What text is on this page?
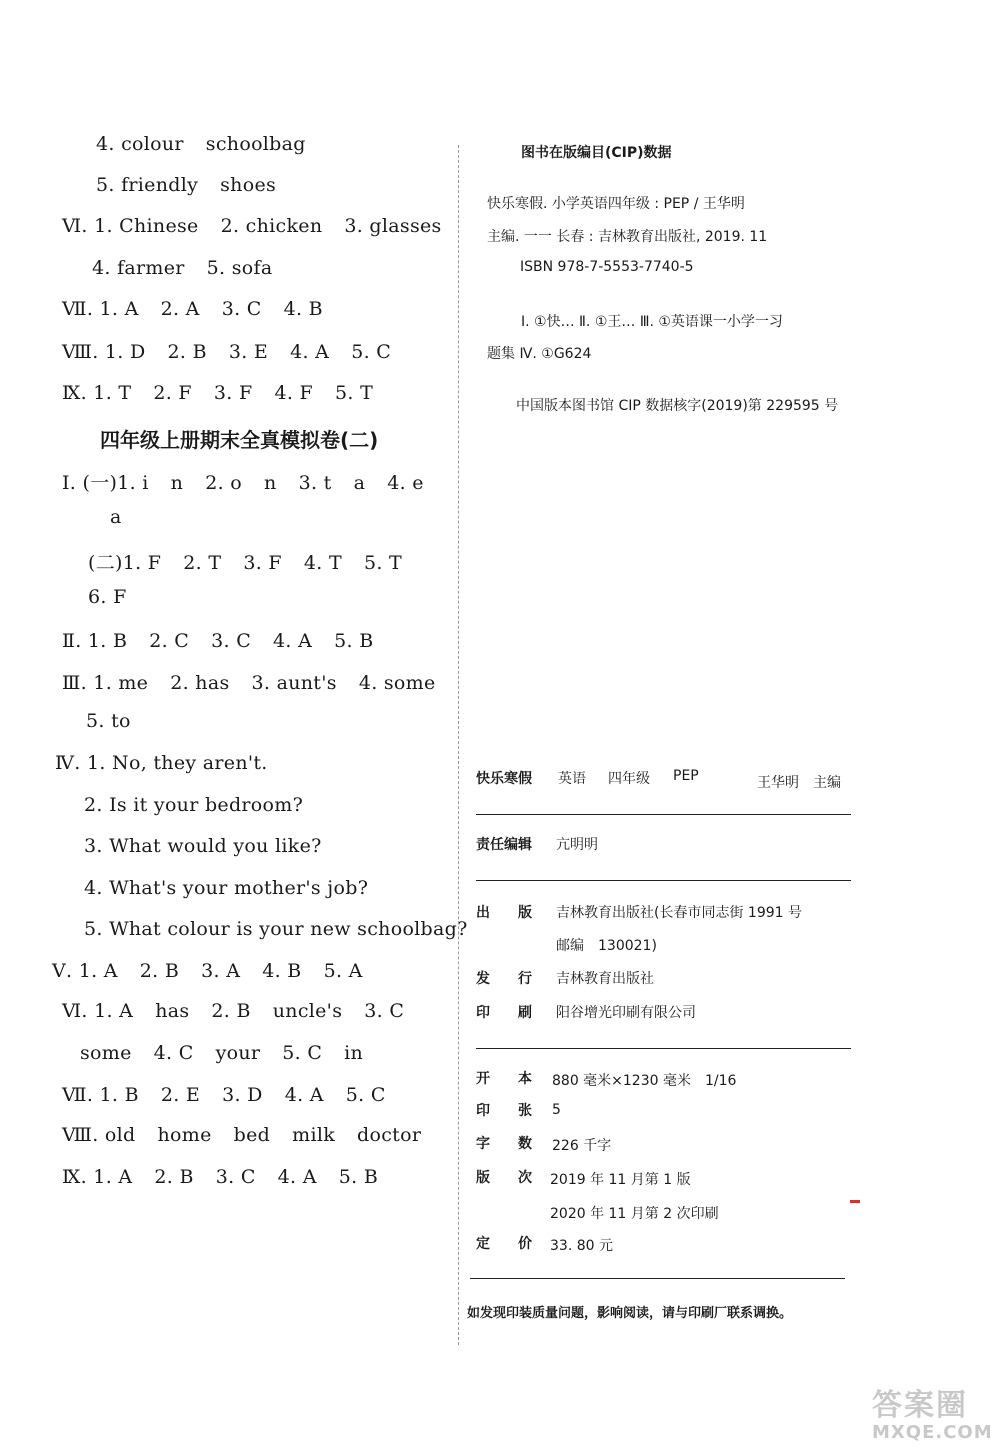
4. colour schoolbag
5. friendly shoes
Ⅵ. 1. Chinese 2. chicken 3. glasses
4. farmer 5. sofa
Ⅶ. 1. A 2. A 3. C 4. B
Ⅷ. 1. D 2. B 3. E 4. A 5. C
Ⅸ. 1. T 2. F 3. F 4. F 5. T
Ⅰ. (一)1. i n 2. o n 3. t a 4. e
a
(二)1. F 2. T 3. F 4. T 5. T
6. F
Ⅱ. 1. B 2. C 3. C 4. A 5. B
Ⅲ. 1. me 2. has 3. aunt's 4. some
5. to
Ⅳ. 1. No, they aren't.
2. Is it your bedroom?
3. What would you like?
4. What's your mother's job?
5. What colour is your new schoolbag?
Ⅴ. 1. A 2. B 3. A 4. B 5. A
Ⅵ. 1. A has 2. B uncle's 3. C
some 4. C your 5. C in
Ⅶ. 1. B 2. E 3. D 4. A 5. C
Ⅷ. old home bed milk doctor
Ⅸ. 1. A 2. B 3. C 4. A 5. B
四年级上册期末全真模拟卷(二)
图书在版编目(CIP)数据
快乐寒假. 小学英语四年级 : PEP / 王华明
主编. 一一 长春 : 吉林教育出版社, 2019. 11
ISBN 978-7-5553-7740-5
Ⅰ. ①快… Ⅱ. ①王… Ⅲ. ①英语课一小学一习
题集 Ⅳ. ①G624
中国版本图书馆 CIP 数据核字(2019)第 229595 号
快乐寒假 英语 四年级 PEP	王华明　主编
责任编辑 亢明明
出　　版 吉林教育出版社(长春市同志街 1991 号
邮编　130021)
发　　行 吉林教育出版社
印　　刷 阳谷增光印刷有限公司
开　　本 880 毫米×1230 毫米　1/16
印　　张 5
字　　数 226 千字
版　　次 2019 年 11 月第 1 版
2020 年 11 月第 2 次印刷
定　　价 33. 80 元
如发现印装质量问题，影响阅读，请与印刷厂联系调换。
答案圈
MXQE.COM
